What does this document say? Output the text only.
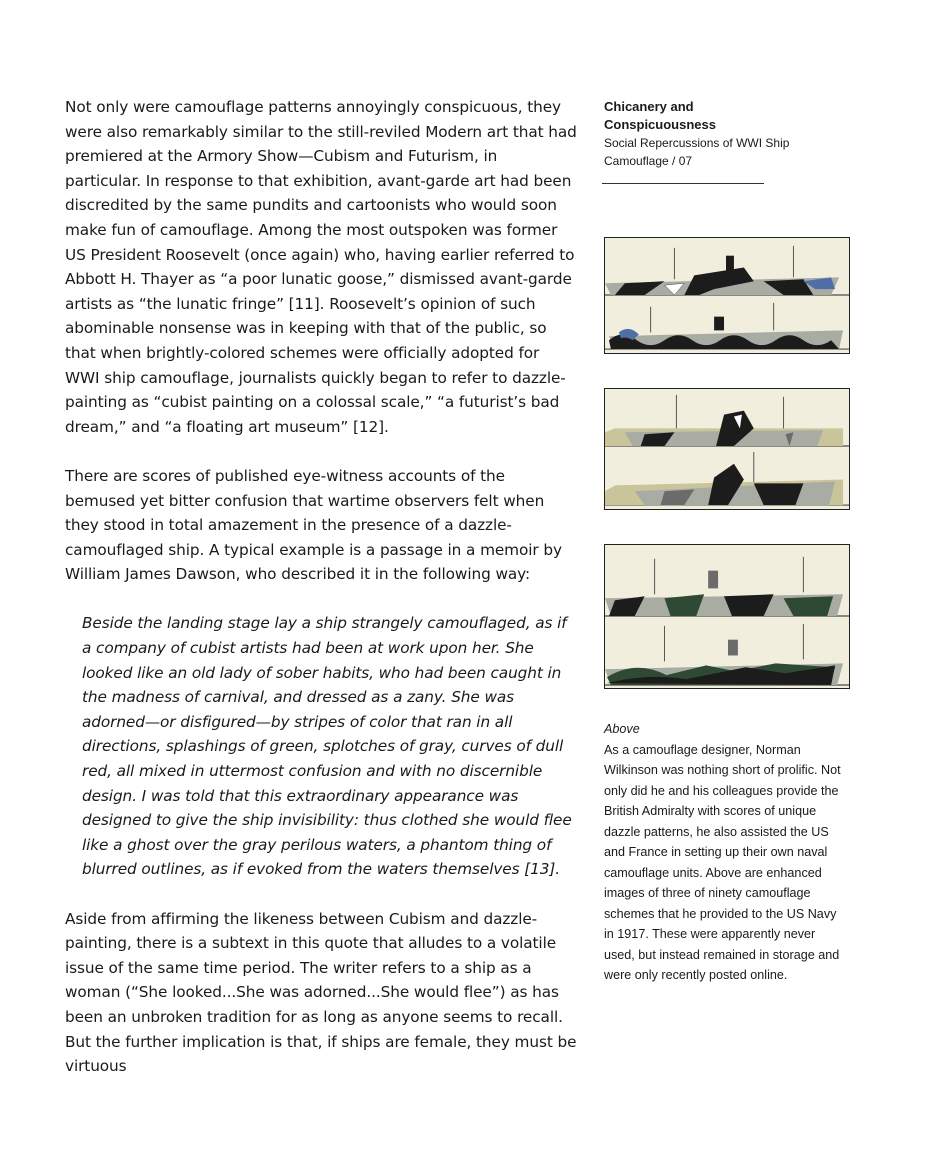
Not only were camouflage patterns annoyingly conspicuous, they were also remarkably similar to the still-reviled Modern art that had premiered at the Armory Show—Cubism and Futurism, in particular. In response to that exhibition, avant-garde art had been discredited by the same pundits and cartoonists who would soon make fun of camouflage. Among the most outspoken was former US President Roosevelt (once again) who, having earlier referred to Abbott H. Thayer as “a poor lunatic goose,” dismissed avant-garde artists as “the lunatic fringe” [11]. Roosevelt’s opinion of such abominable nonsense was in keeping with that of the public, so that when brightly-colored schemes were officially adopted for WWI ship camouflage, journalists quickly began to refer to dazzle-painting as “cubist painting on a colossal scale,” “a futurist’s bad dream,” and “a floating art museum” [12].

There are scores of published eye-witness accounts of the bemused yet bitter confusion that wartime observers felt when they stood in total amazement in the presence of a dazzle-camouflaged ship. A typical example is a passage in a memoir by William James Dawson, who described it in the following way:

Beside the landing stage lay a ship strangely camouflaged, as if a company of cubist artists had been at work upon her. She looked like an old lady of sober habits, who had been caught in the madness of carnival, and dressed as a zany. She was adorned—or disfigured—by stripes of color that ran in all directions, splashings of green, splotches of gray, curves of dull red, all mixed in uttermost confusion and with no discernible design. I was told that this extraordinary appearance was designed to give the ship invisibility: thus clothed she would flee like a ghost over the gray perilous waters, a phantom thing of blurred outlines, as if evoked from the waters themselves [13].

Aside from affirming the likeness between Cubism and dazzle-painting, there is a subtext in this quote that alludes to a volatile issue of the same time period. The writer refers to a ship as a woman (“She looked...She was adorned...She would flee”) as has been an unbroken tradition for as long as anyone seems to recall. But the further implication is that, if ships are female, they must be virtuous

Chicanery and Conspicuousness
Social Repercussions of WWI Ship Camouflage / 07
Above
As a camouflage designer, Norman Wilkinson was nothing short of prolific. Not only did he and his colleagues provide the British Admiralty with scores of unique dazzle patterns, he also assisted the US and France in setting up their own naval camouflage units. Above are enhanced images of three of ninety camouflage schemes that he provided to the US Navy in 1917. These were apparently never used, but instead remained in storage and were only recently posted online.
